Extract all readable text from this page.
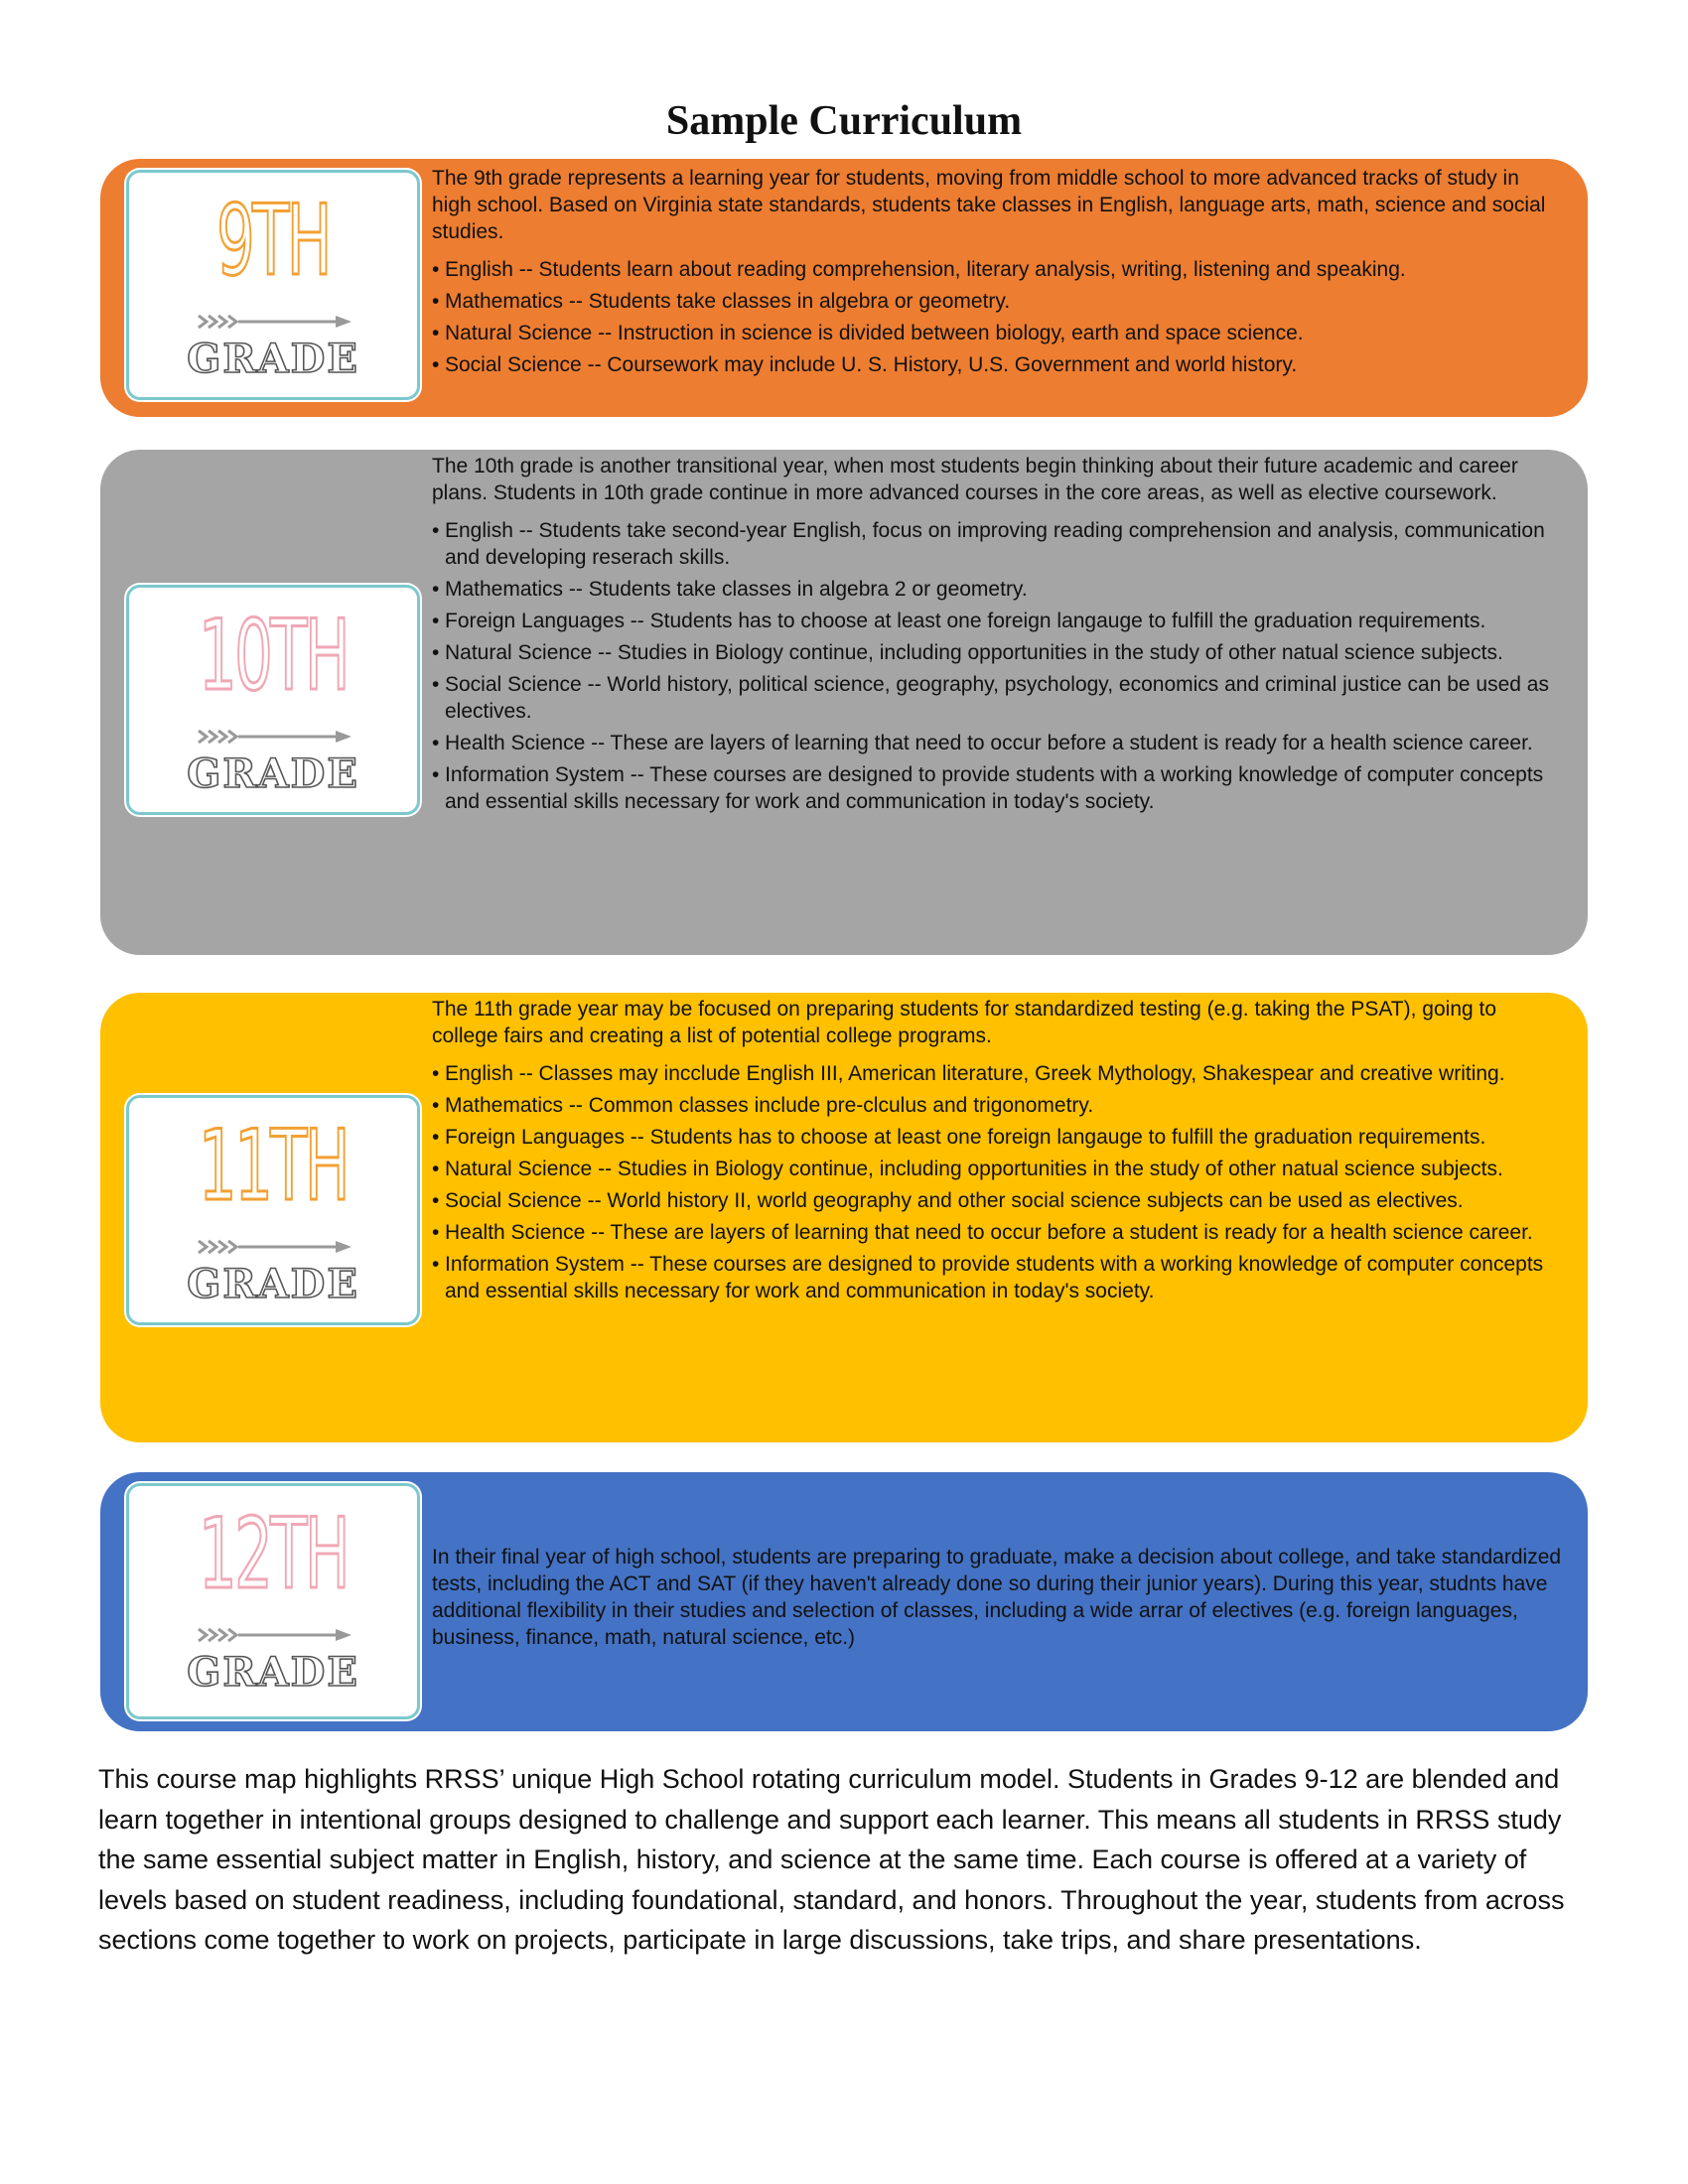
Sample Curriculum
9TH
GRADE

The 9th grade represents a learning year for students, moving from middle school to more advanced tracks of study in high school. Based on Virginia state standards, students take classes in English, language arts, math, science and social studies.

• English -- Students learn about reading comprehension, literary analysis, writing, listening and speaking.
• Mathematics -- Students take classes in algebra or geometry.
• Natural Science -- Instruction in science is divided between biology, earth and space science.
• Social Science -- Coursework may include U. S. History, U.S. Government and world history.
10TH
GRADE

The 10th grade is another transitional year, when most students begin thinking about their future academic and career plans. Students in 10th grade continue in more advanced courses in the core areas, as well as elective coursework.

• English -- Students take second-year English, focus on improving reading comprehension and analysis, communication and developing reserach skills.
• Mathematics -- Students take classes in algebra 2 or geometry.
• Foreign Languages -- Students has to choose at least one foreign langauge to fulfill the graduation requirements.
• Natural Science -- Studies in Biology continue, including opportunities in the study of other natual science subjects.
• Social Science -- World history, political science, geography, psychology, economics and criminal justice can be used as electives.
• Health Science -- These are layers of learning that need to occur before a student is ready for a health science career.
• Information System -- These courses are designed to provide students with a working knowledge of computer concepts and essential skills necessary for work and communication in today's society.
11TH
GRADE

The 11th grade year may be focused on preparing students for standardized testing (e.g. taking the PSAT), going to college fairs and creating a list of potential college programs.

• English -- Classes may incclude English III, American literature, Greek Mythology, Shakespear and creative writing.
• Mathematics -- Common classes include pre-clculus and trigonometry.
• Foreign Languages -- Students has to choose at least one foreign langauge to fulfill the graduation requirements.
• Natural Science -- Studies in Biology continue, including opportunities in the study of other natual science subjects.
• Social Science -- World history II, world geography and other social science subjects can be used as electives.
• Health Science -- These are layers of learning that need to occur before a student is ready for a health science career.
• Information System -- These courses are designed to provide students with a working knowledge of computer concepts and essential skills necessary for work and communication in today's society.
12TH
GRADE

In their final year of high school, students are preparing to graduate, make a decision about college, and take standardized tests, including the ACT and SAT (if they haven't already done so during their junior years). During this year, studnts have additional flexibility in their studies and selection of classes, including a wide arrar of electives (e.g. foreign languages, business, finance, math, natural science, etc.)

This course map highlights RRSS’ unique High School rotating curriculum model. Students in Grades 9-12 are blended and learn together in intentional groups designed to challenge and support each learner. This means all students in RRSS study the same essential subject matter in English, history, and science at the same time. Each course is offered at a variety of levels based on student readiness, including foundational, standard, and honors. Throughout the year, students from across sections come together to work on projects, participate in large discussions, take trips, and share presentations.
